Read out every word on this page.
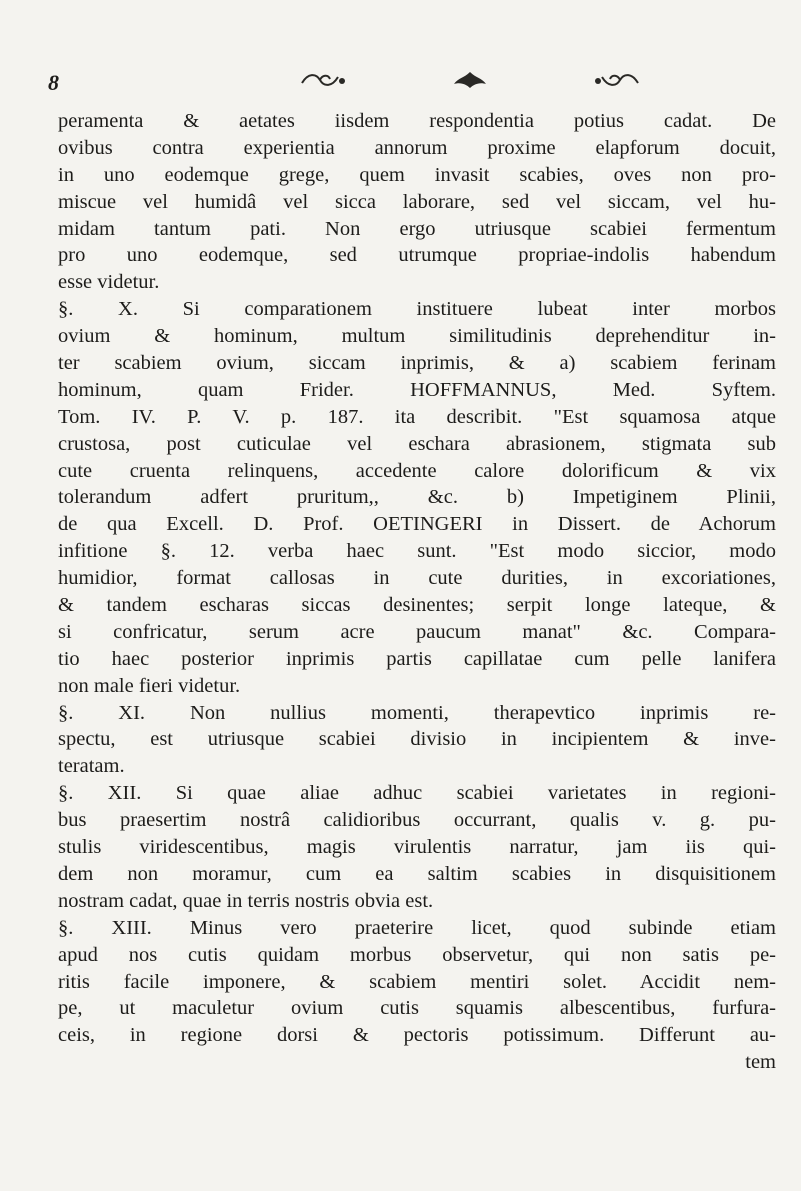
8
peramenta & aetates iisdem respondentia potius cadat. De
ovibus contra experientia annorum proxime elapforum docuit,
in uno eodemque grege, quem invasit scabies, oves non pro-
miscue vel humidâ vel sicca laborare, sed vel siccam, vel hu-
midam tantum pati. Non ergo utriusque scabiei fermentum
pro uno eodemque, sed utrumque propriae-indolis habendum
esse videtur.
§. X. Si comparationem instituere lubeat inter morbos
ovium & hominum, multum similitudinis deprehenditur in-
ter scabiem ovium, siccam inprimis, & a) scabiem ferinam
hominum, quam Frider. HOFFMANNUS, Med. Syftem.
Tom. IV. P. V. p. 187. ita describit. "Est squamosa atque
crustosa, post cuticulae vel eschara abrasionem, stigmata sub
cute cruenta relinquens, accedente calore dolorificum & vix
tolerandum adfert pruritum,, &c. b) Impetiginem Plinii,
de qua Excell. D. Prof. OETINGERI in Dissert. de Achorum
infitione §. 12. verba haec sunt. "Est modo siccior, modo
humidior, format callosas in cute durities, in excoriationes,
& tandem escharas siccas desinentes; serpit longe lateque, &
si confricatur, serum acre paucum manat" &c. Compara-
tio haec posterior inprimis partis capillatae cum pelle lanifera
non male fieri videtur.
§. XI. Non nullius momenti, therapevtico inprimis re-
spectu, est utriusque scabiei divisio in incipientem & inve-
teratam.
§. XII. Si quae aliae adhuc scabiei varietates in regioni-
bus praesertim nostrâ calidioribus occurrant, qualis v. g. pu-
stulis viridescentibus, magis virulentis narratur, jam iis qui-
dem non moramur, cum ea saltim scabies in disquisitionem
nostram cadat, quae in terris nostris obvia est.
§. XIII. Minus vero praeterire licet, quod subinde etiam
apud nos cutis quidam morbus observetur, qui non satis pe-
ritis facile imponere, & scabiem mentiri solet. Accidit nem-
pe, ut maculetur ovium cutis squamis albescentibus, furfura-
ceis, in regione dorsi & pectoris potissimum. Differunt au-
tem
